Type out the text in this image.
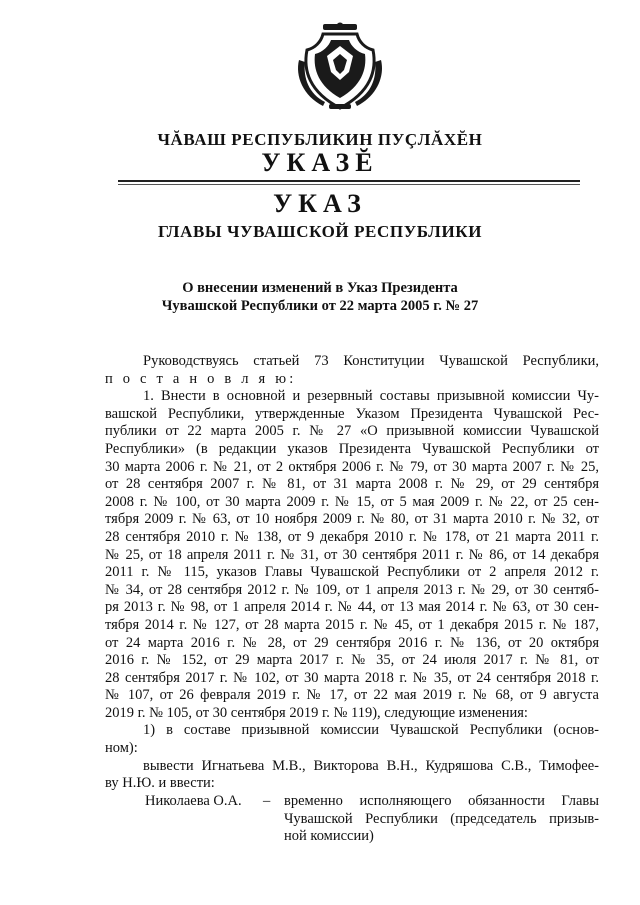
ЧĂВАШ РЕСПУБЛИКИН ПУÇЛĂХĔН
УКАЗĔ
УКАЗ
ГЛАВЫ ЧУВАШСКОЙ РЕСПУБЛИКИ
О внесении изменений в Указ Президента
Чувашской Республики от 22 марта 2005 г. № 27
Руководствуясь статьей 73 Конституции Чувашской Республики,
п о с т а н о в л я ю:
1. Внести в основной и резервный составы призывной комиссии Чу-
вашской Республики, утвержденные Указом Президента Чувашской Рес-
публики от 22 марта 2005 г. № 27 «О призывной комиссии Чувашской
Республики» (в редакции указов Президента Чувашской Республики от
30 марта 2006 г. № 21, от 2 октября 2006 г. № 79, от 30 марта 2007 г. № 25,
от 28 сентября 2007 г. № 81, от 31 марта 2008 г. № 29, от 29 сентября
2008 г. № 100, от 30 марта 2009 г. № 15, от 5 мая 2009 г. № 22, от 25 сен-
тября 2009 г. № 63, от 10 ноября 2009 г. № 80, от 31 марта 2010 г. № 32, от
28 сентября 2010 г. № 138, от 9 декабря 2010 г. № 178, от 21 марта 2011 г.
№ 25, от 18 апреля 2011 г. № 31, от 30 сентября 2011 г. № 86, от 14 декабря
2011 г. № 115, указов Главы Чувашской Республики от 2 апреля 2012 г.
№ 34, от 28 сентября 2012 г. № 109, от 1 апреля 2013 г. № 29, от 30 сентяб-
ря 2013 г. № 98, от 1 апреля 2014 г. № 44, от 13 мая 2014 г. № 63, от 30 сен-
тября 2014 г. № 127, от 28 марта 2015 г. № 45, от 1 декабря 2015 г. № 187,
от 24 марта 2016 г. № 28, от 29 сентября 2016 г. № 136, от 20 октября
2016 г. № 152, от 29 марта 2017 г. № 35, от 24 июля 2017 г. № 81, от
28 сентября 2017 г. № 102, от 30 марта 2018 г. № 35, от 24 сентября 2018 г.
№ 107, от 26 февраля 2019 г. № 17, от 22 мая 2019 г. № 68, от 9 августа
2019 г. № 105, от 30 сентября 2019 г. № 119), следующие изменения:
1) в составе призывной комиссии Чувашской Республики (основ-
ном):
вывести Игнатьева М.В., Викторова В.Н., Кудряшова С.В., Тимофее-
ву Н.Ю. и ввести:
Николаева О.А. – временно исполняющего обязанности Главы
Чувашской Республики (председатель призыв-
ной комиссии)
